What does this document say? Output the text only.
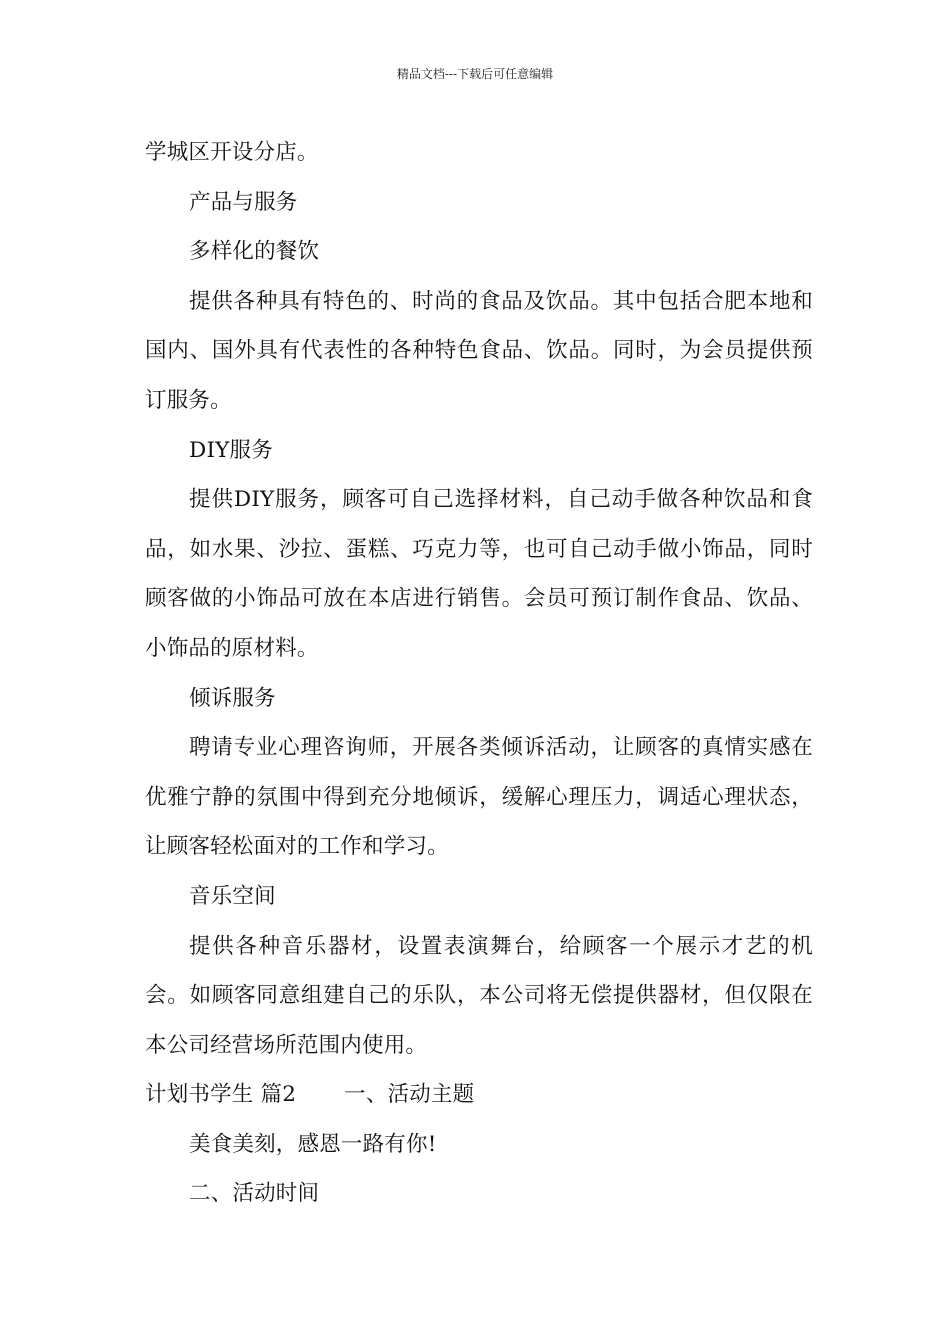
精品文档---下载后可任意编辑

学城区开设分店。

产品与服务

多样化的餐饮

提供各种具有特色的、时尚的食品及饮品。其中包括合肥本地和国内、国外具有代表性的各种特色食品、饮品。同时，为会员提供预订服务。

DIY服务

提供DIY服务，顾客可自己选择材料，自己动手做各种饮品和食品，如水果、沙拉、蛋糕、巧克力等，也可自己动手做小饰品，同时顾客做的小饰品可放在本店进行销售。会员可预订制作食品、饮品、小饰品的原材料。

倾诉服务

聘请专业心理咨询师，开展各类倾诉活动，让顾客的真情实感在优雅宁静的氛围中得到充分地倾诉，缓解心理压力，调适心理状态，让顾客轻松面对的工作和学习。

音乐空间

提供各种音乐器材，设置表演舞台，给顾客一个展示才艺的机会。如顾客同意组建自己的乐队，本公司将无偿提供器材，但仅限在本公司经营场所范围内使用。

计划书学生 篇2 一、活动主题

美食美刻，感恩一路有你!

二、活动时间
